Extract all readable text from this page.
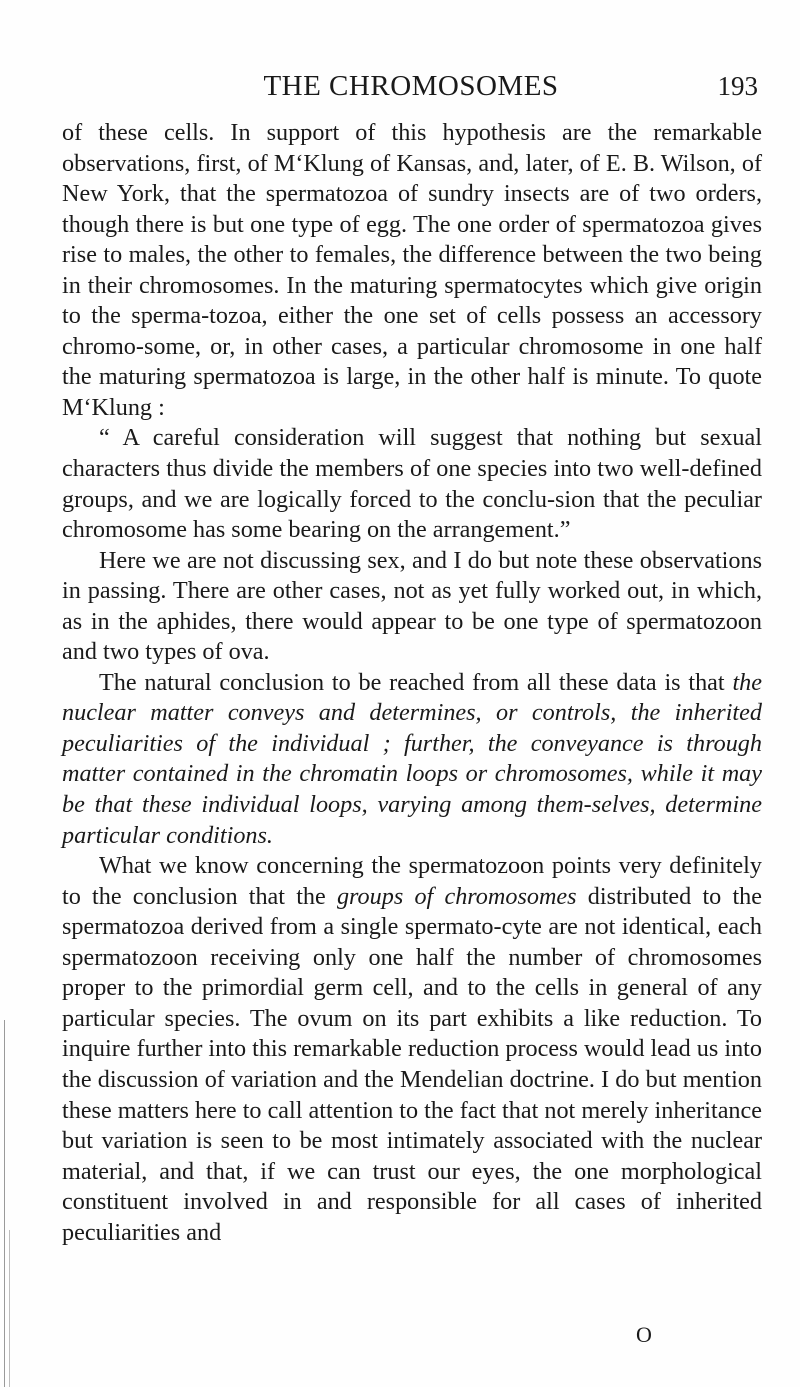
THE CHROMOSOMES	193

of these cells. In support of this hypothesis are the remarkable observations, first, of M‘Klung of Kansas, and, later, of E. B. Wilson, of New York, that the spermatozoa of sundry insects are of two orders, though there is but one type of egg. The one order of spermatozoa gives rise to males, the other to females, the difference between the two being in their chromosomes. In the maturing spermatocytes which give origin to the sperma-tozoa, either the one set of cells possess an accessory chromo-some, or, in other cases, a particular chromosome in one half the maturing spermatozoa is large, in the other half is minute. To quote M‘Klung :

“ A careful consideration will suggest that nothing but sexual characters thus divide the members of one species into two well-defined groups, and we are logically forced to the conclu-sion that the peculiar chromosome has some bearing on the arrangement.”

Here we are not discussing sex, and I do but note these observations in passing. There are other cases, not as yet fully worked out, in which, as in the aphides, there would appear to be one type of spermatozoon and two types of ova.

The natural conclusion to be reached from all these data is that the nuclear matter conveys and determines, or controls, the inherited peculiarities of the individual ; further, the conveyance is through matter contained in the chromatin loops or chromosomes, while it may be that these individual loops, varying among them-selves, determine particular conditions.

What we know concerning the spermatozoon points very definitely to the conclusion that the groups of chromosomes distributed to the spermatozoa derived from a single spermato-cyte are not identical, each spermatozoon receiving only one half the number of chromosomes proper to the primordial germ cell, and to the cells in general of any particular species. The ovum on its part exhibits a like reduction. To inquire further into this remarkable reduction process would lead us into the discussion of variation and the Mendelian doctrine. I do but mention these matters here to call attention to the fact that not merely inheritance but variation is seen to be most intimately associated with the nuclear material, and that, if we can trust our eyes, the one morphological constituent involved in and responsible for all cases of inherited peculiarities and

O
